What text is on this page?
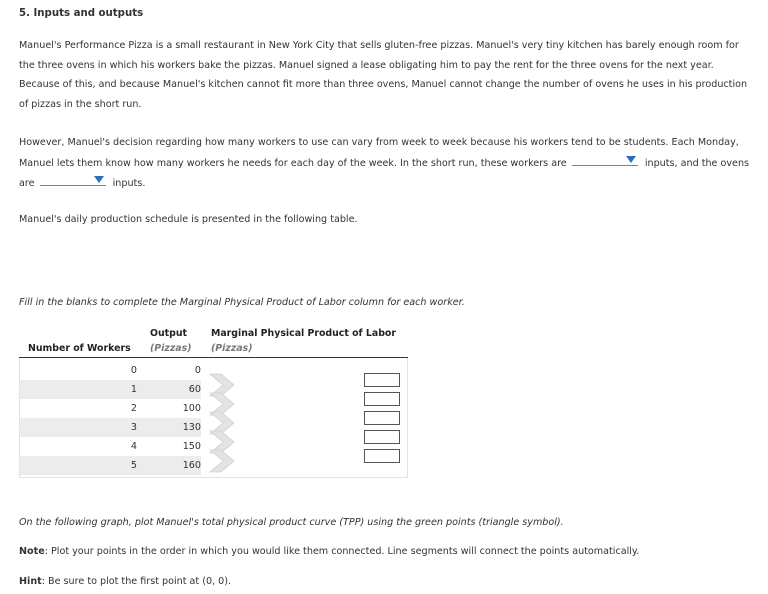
5. Inputs and outputs
Manuel's Performance Pizza is a small restaurant in New York City that sells gluten-free pizzas. Manuel's very tiny kitchen has barely enough room for the three ovens in which his workers bake the pizzas. Manuel signed a lease obligating him to pay the rent for the three ovens for the next year. Because of this, and because Manuel's kitchen cannot fit more than three ovens, Manuel cannot change the number of ovens he uses in his production of pizzas in the short run.
However, Manuel's decision regarding how many workers to use can vary from week to week because his workers tend to be students. Each Monday, Manuel lets them know how many workers he needs for each day of the week. In the short run, these workers are	inputs, and the ovens are	inputs.
Manuel's daily production schedule is presented in the following table.
Fill in the blanks to complete the Marginal Physical Product of Labor column for each worker.
Output
(Pizzas)
Marginal Physical Product of Labor
(Pizzas)
Number of Workers
0
1
2
3
4
5
0
60
100
130
150
160
On the following graph, plot Manuel's total physical product curve (TPP) using the green points (triangle symbol).
Note: Plot your points in the order in which you would like them connected. Line segments will connect the points automatically.
Hint: Be sure to plot the first point at (0, 0).
